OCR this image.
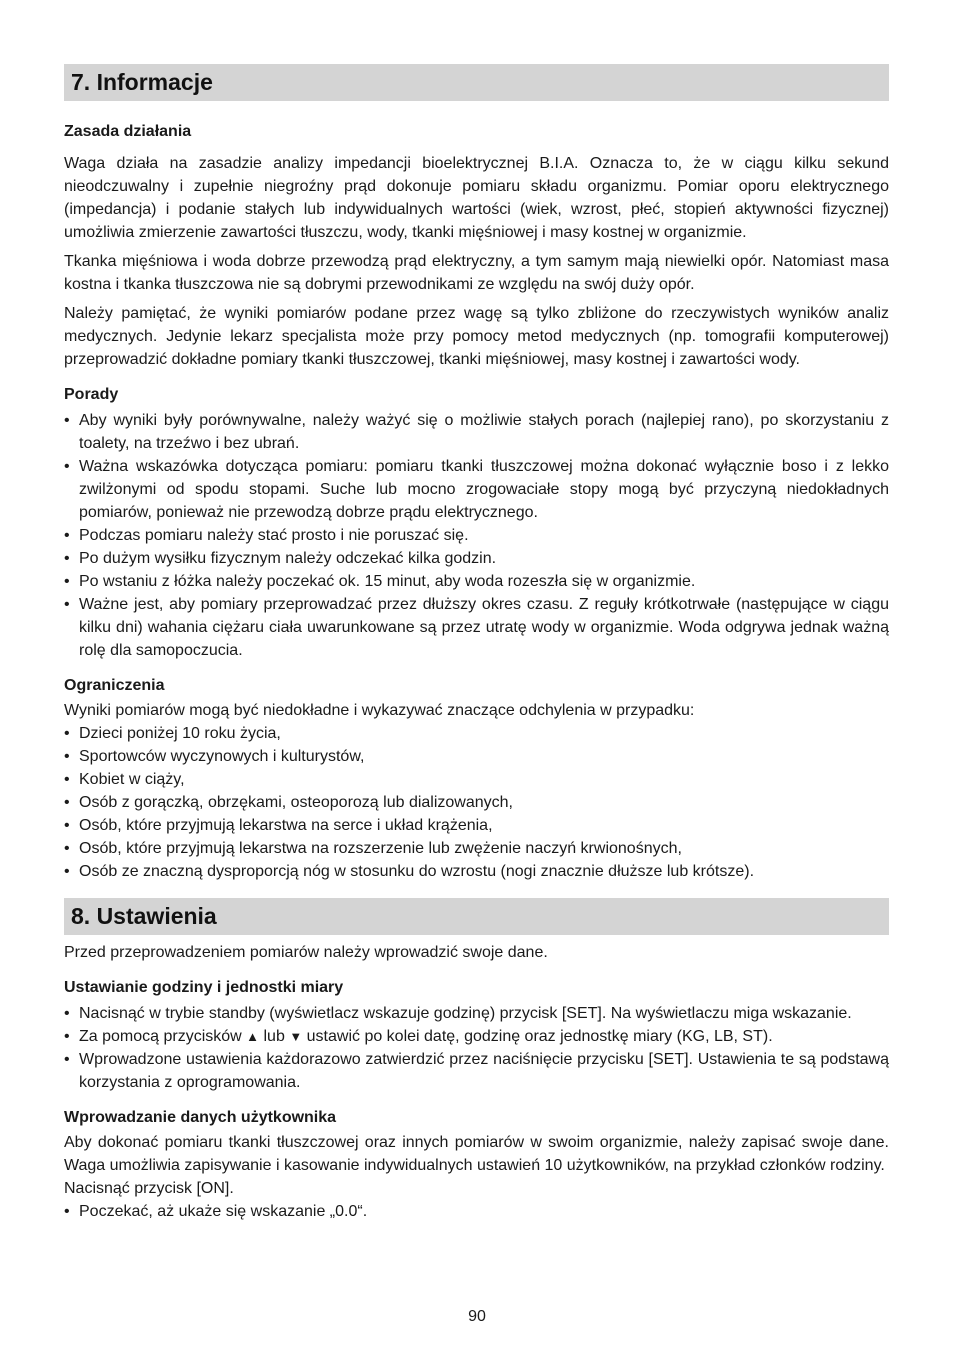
7. Informacje

Zasada działania

Waga działa na zasadzie analizy impedancji bioelektrycznej B.I.A. Oznacza to, że w ciągu kilku sekund nieodczuwalny i zupełnie niegroźny prąd dokonuje pomiaru składu organizmu. Pomiar oporu elektrycznego (impedancja) i podanie stałych lub indywidualnych wartości (wiek, wzrost, płeć, stopień aktywności fizycznej) umożliwia zmierzenie zawartości tłuszczu, wody, tkanki mięśniowej i masy kostnej w organizmie.

Tkanka mięśniowa i woda dobrze przewodzą prąd elektryczny, a tym samym mają niewielki opór. Natomiast masa kostna i tkanka tłuszczowa nie są dobrymi przewodnikami ze względu na swój duży opór.

Należy pamiętać, że wyniki pomiarów podane przez wagę są tylko zbliżone do rzeczywistych wyników analiz medycznych. Jedynie lekarz specjalista może przy pomocy metod medycznych (np. tomografii komputerowej) przeprowadzić dokładne pomiary tkanki tłuszczowej, tkanki mięśniowej, masy kostnej i zawartości wody.

Porady

• Aby wyniki były porównywalne, należy ważyć się o możliwie stałych porach (najlepiej rano), po skorzystaniu z toalety, na trzeźwo i bez ubrań.
• Ważna wskazówka dotycząca pomiaru: pomiaru tkanki tłuszczowej można dokonać wyłącznie boso i z lekko zwilżonymi od spodu stopami. Suche lub mocno zrogowaciałe stopy mogą być przyczyną niedokładnych pomiarów, ponieważ nie przewodzą dobrze prądu elektrycznego.
• Podczas pomiaru należy stać prosto i nie poruszać się.
• Po dużym wysiłku fizycznym należy odczekać kilka godzin.
• Po wstaniu z łóżka należy poczekać ok. 15 minut, aby woda rozeszła się w organizmie.
• Ważne jest, aby pomiary przeprowadzać przez dłuższy okres czasu. Z reguły krótkotrwałe (następujące w ciągu kilku dni) wahania ciężaru ciała uwarunkowane są przez utratę wody w organizmie. Woda odgrywa jednak ważną rolę dla samopoczucia.

Ograniczenia

Wyniki pomiarów mogą być niedokładne i wykazywać znaczące odchylenia w przypadku:

• Dzieci poniżej 10 roku życia,
• Sportowców wyczynowych i kulturystów,
• Kobiet w ciąży,
• Osób z gorączką, obrzękami, osteoporozą lub dializowanych,
• Osób, które przyjmują lekarstwa na serce i układ krążenia,
• Osób, które przyjmują lekarstwa na rozszerzenie lub zwężenie naczyń krwionośnych,
• Osób ze znaczną dysproporcją nóg w stosunku do wzrostu (nogi znacznie dłuższe lub krótsze).
8. Ustawienia

Przed przeprowadzeniem pomiarów należy wprowadzić swoje dane.

Ustawianie godziny i jednostki miary

• Nacisnąć w trybie standby (wyświetlacz wskazuje godzinę) przycisk [SET]. Na wyświetlaczu miga wskazanie.
• Za pomocą przycisków ▲ lub ▼ ustawić po kolei datę, godzinę oraz jednostkę miary (KG, LB, ST).
• Wprowadzone ustawienia każdorazowo zatwierdzić przez naciśnięcie przycisku [SET]. Ustawienia te są podstawą korzystania z oprogramowania.

Wprowadzanie danych użytkownika

Aby dokonać pomiaru tkanki tłuszczowej oraz innych pomiarów w swoim organizmie, należy zapisać swoje dane. Waga umożliwia zapisywanie i kasowanie indywidualnych ustawień 10 użytkowników, na przykład członków rodziny.

Nacisnąć przycisk [ON].

• Poczekać, aż ukaże się wskazanie „0.0“.
90
